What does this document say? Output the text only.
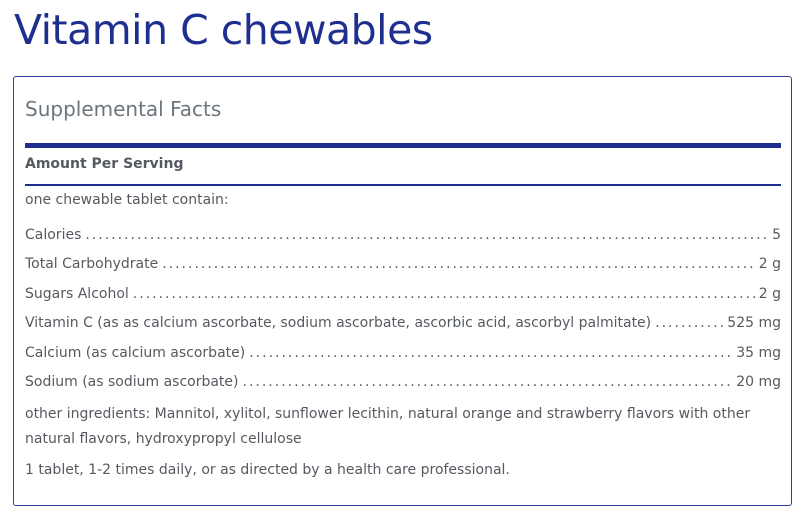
Vitamin C chewables
Supplemental Facts
Amount Per Serving
one chewable tablet contain:
Calories .....	5
Total Carbohydrate .....	2 g
Sugars Alcohol .....	2 g
Vitamin C (as as calcium ascorbate, sodium ascorbate, ascorbic acid, ascorbyl palmitate) .....	525 mg
Calcium (as calcium ascorbate) .....	35 mg
Sodium (as sodium ascorbate) .....	20 mg
other ingredients: Mannitol, xylitol, sunflower lecithin, natural orange and strawberry flavors with other natural flavors, hydroxypropyl cellulose
1 tablet, 1-2 times daily, or as directed by a health care professional.
